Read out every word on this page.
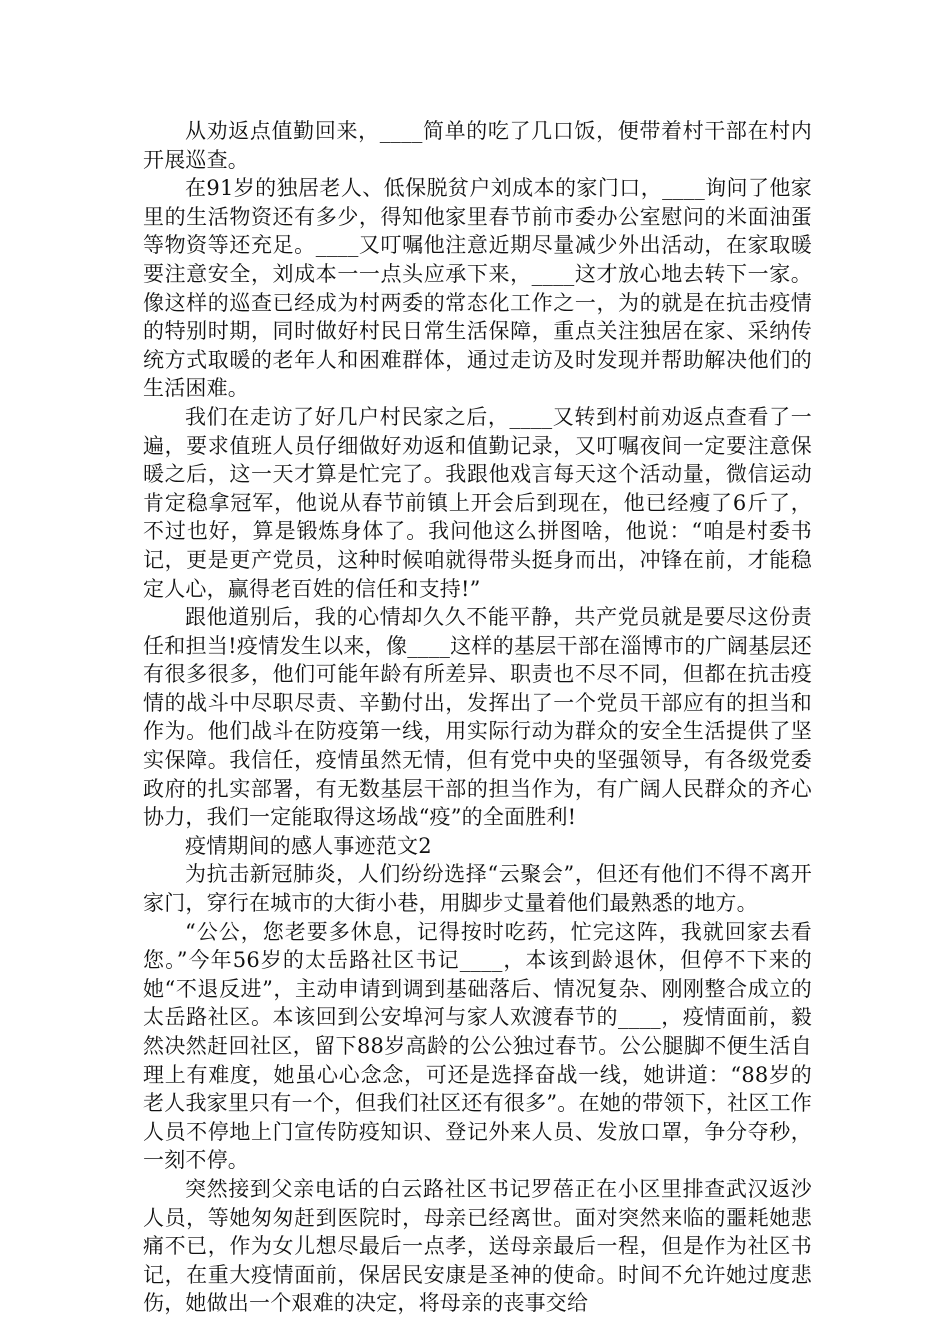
从劝返点值勤回来，____简单的吃了几口饭，便带着村干部在村内开展巡查。

在91岁的独居老人、低保脱贫户刘成本的家门口，____询问了他家里的生活物资还有多少，得知他家里春节前市委办公室慰问的米面油蛋等物资等还充足。____又叮嘱他注意近期尽量减少外出活动，在家取暖要注意安全，刘成本一一点头应承下来，____这才放心地去转下一家。像这样的巡查已经成为村两委的常态化工作之一，为的就是在抗击疫情的特别时期，同时做好村民日常生活保障，重点关注独居在家、采纳传统方式取暖的老年人和困难群体，通过走访及时发现并帮助解决他们的生活困难。

我们在走访了好几户村民家之后，____又转到村前劝返点查看了一遍，要求值班人员仔细做好劝返和值勤记录，又叮嘱夜间一定要注意保暖之后，这一天才算是忙完了。我跟他戏言每天这个活动量，微信运动肯定稳拿冠军，他说从春节前镇上开会后到现在，他已经瘦了6斤了，不过也好，算是锻炼身体了。我问他这么拼图啥，他说：“咱是村委书记，更是更产党员，这种时候咱就得带头挺身而出，冲锋在前，才能稳定人心，赢得老百姓的信任和支持!”

跟他道别后，我的心情却久久不能平静，共产党员就是要尽这份责任和担当!疫情发生以来，像____这样的基层干部在淄博市的广阔基层还有很多很多，他们可能年龄有所差异、职责也不尽不同，但都在抗击疫情的战斗中尽职尽责、辛勤付出，发挥出了一个党员干部应有的担当和作为。他们战斗在防疫第一线，用实际行动为群众的安全生活提供了坚实保障。我信任，疫情虽然无情，但有党中央的坚强领导，有各级党委政府的扎实部署，有无数基层干部的担当作为，有广阔人民群众的齐心协力，我们一定能取得这场战“疫”的全面胜利!

疫情期间的感人事迹范文2

为抗击新冠肺炎，人们纷纷选择“云聚会”，但还有他们不得不离开家门，穿行在城市的大街小巷，用脚步丈量着他们最熟悉的地方。

“公公，您老要多休息，记得按时吃药，忙完这阵，我就回家去看您。”今年56岁的太岳路社区书记____，本该到龄退休，但停不下来的她“不退反进”，主动申请到调到基础落后、情况复杂、刚刚整合成立的太岳路社区。本该回到公安埠河与家人欢渡春节的____，疫情面前，毅然决然赶回社区，留下88岁高龄的公公独过春节。公公腿脚不便生活自理上有难度，她虽心心念念，可还是选择奋战一线，她讲道：“88岁的老人我家里只有一个，但我们社区还有很多”。在她的带领下，社区工作人员不停地上门宣传防疫知识、登记外来人员、发放口罩，争分夺秒，一刻不停。

突然接到父亲电话的白云路社区书记罗蓓正在小区里排查武汉返沙人员，等她匆匆赶到医院时，母亲已经离世。面对突然来临的噩耗她悲痛不已，作为女儿想尽最后一点孝，送母亲最后一程，但是作为社区书记，在重大疫情面前，保居民安康是圣神的使命。时间不允许她过度悲伤，她做出一个艰难的决定，将母亲的丧事交给
